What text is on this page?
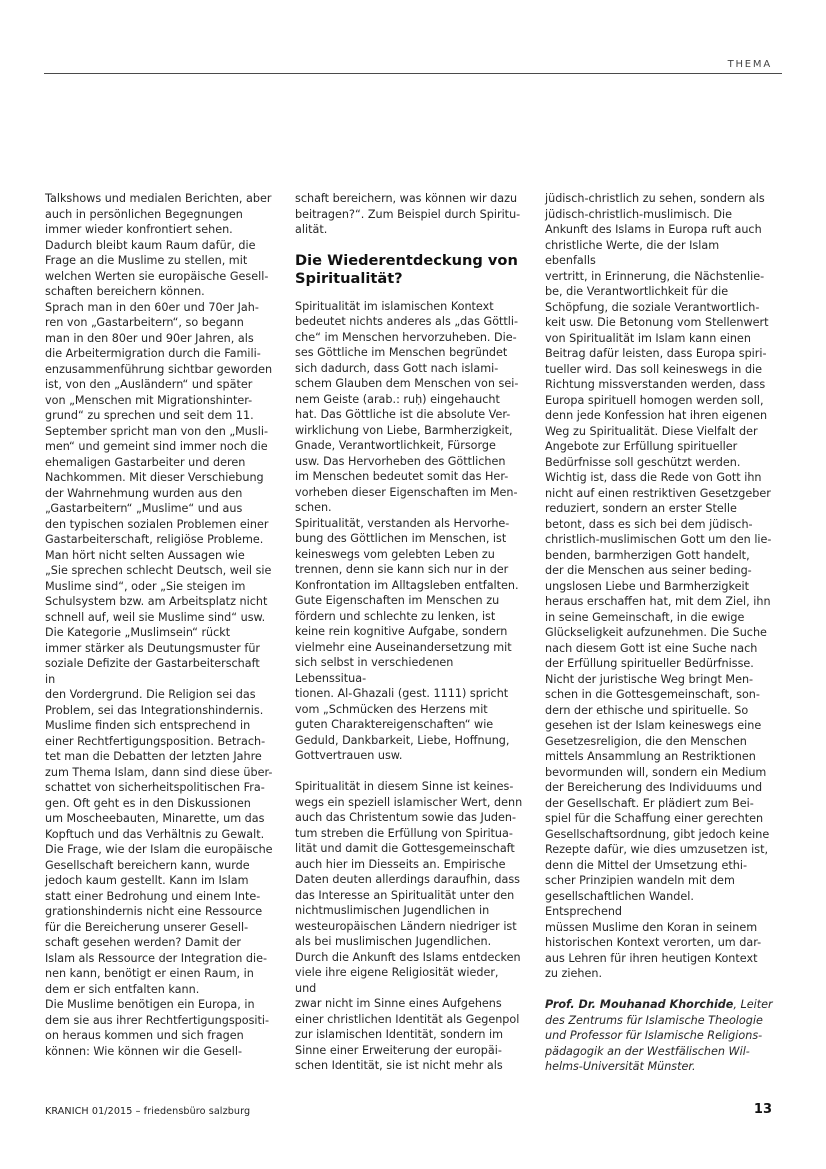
THEMA

Talkshows und medialen Berichten, aber
auch in persönlichen Begegnungen
immer wieder konfrontiert sehen.
Dadurch bleibt kaum Raum dafür, die
Frage an die Muslime zu stellen, mit
welchen Werten sie europäische Gesell-
schaften bereichern können.
Sprach man in den 60er und 70er Jah-
ren von „Gastarbeitern“, so begann
man in den 80er und 90er Jahren, als
die Arbeitermigration durch die Famili-
enzusammenführung sichtbar geworden
ist, von den „Ausländern“ und später
von „Menschen mit Migrationshinter-
grund“ zu sprechen und seit dem 11.
September spricht man von den „Musli-
men“ und gemeint sind immer noch die
ehemaligen Gastarbeiter und deren
Nachkommen. Mit dieser Verschiebung
der Wahrnehmung wurden aus den
„Gastarbeitern“ „Muslime“ und aus
den typischen sozialen Problemen einer
Gastarbeiterschaft, religiöse Probleme.
Man hört nicht selten Aussagen wie
„Sie sprechen schlecht Deutsch, weil sie
Muslime sind“, oder „Sie steigen im
Schulsystem bzw. am Arbeitsplatz nicht
schnell auf, weil sie Muslime sind“ usw.
Die Kategorie „Muslimsein“ rückt
immer stärker als Deutungsmuster für
soziale Defizite der Gastarbeiterschaft in
den Vordergrund. Die Religion sei das
Problem, sei das Integrationshindernis.
Muslime finden sich entsprechend in
einer Rechtfertigungsposition. Betrach-
tet man die Debatten der letzten Jahre
zum Thema Islam, dann sind diese über-
schattet von sicherheitspolitischen Fra-
gen. Oft geht es in den Diskussionen
um Moscheebauten, Minarette, um das
Kopftuch und das Verhältnis zu Gewalt.
Die Frage, wie der Islam die europäische
Gesellschaft bereichern kann, wurde
jedoch kaum gestellt. Kann im Islam
statt einer Bedrohung und einem Inte-
grationshindernis nicht eine Ressource
für die Bereicherung unserer Gesell-
schaft gesehen werden? Damit der
Islam als Ressource der Integration die-
nen kann, benötigt er einen Raum, in
dem er sich entfalten kann.
Die Muslime benötigen ein Europa, in
dem sie aus ihrer Rechtfertigungspositi-
on heraus kommen und sich fragen
können: Wie können wir die Gesell-

schaft bereichern, was können wir dazu
beitragen?“. Zum Beispiel durch Spiritu-
alität.

Die Wiederentdeckung von
Spiritualität?

Spiritualität im islamischen Kontext
bedeutet nichts anderes als „das Göttli-
che“ im Menschen hervorzuheben. Die-
ses Göttliche im Menschen begründet
sich dadurch, dass Gott nach islami-
schem Glauben dem Menschen von sei-
nem Geiste (arab.: ruḥ) eingehaucht
hat. Das Göttliche ist die absolute Ver-
wirklichung von Liebe, Barmherzigkeit,
Gnade, Verantwortlichkeit, Fürsorge
usw. Das Hervorheben des Göttlichen
im Menschen bedeutet somit das Her-
vorheben dieser Eigenschaften im Men-
schen.
Spiritualität, verstanden als Hervorhe-
bung des Göttlichen im Menschen, ist
keineswegs vom gelebten Leben zu
trennen, denn sie kann sich nur in der
Konfrontation im Alltagsleben entfalten.
Gute Eigenschaften im Menschen zu
fördern und schlechte zu lenken, ist
keine rein kognitive Aufgabe, sondern
vielmehr eine Auseinandersetzung mit
sich selbst in verschiedenen Lebenssitua-
tionen. Al-Ghazali (gest. 1111) spricht
vom „Schmücken des Herzens mit
guten Charaktereigenschaften“ wie
Geduld, Dankbarkeit, Liebe, Hoffnung,
Gottvertrauen usw.

Spiritualität in diesem Sinne ist keines-
wegs ein speziell islamischer Wert, denn
auch das Christentum sowie das Juden-
tum streben die Erfüllung von Spiritua-
lität und damit die Gottesgemeinschaft
auch hier im Diesseits an. Empirische
Daten deuten allerdings daraufhin, dass
das Interesse an Spiritualität unter den
nichtmuslimischen Jugendlichen in
westeuropäischen Ländern niedriger ist
als bei muslimischen Jugendlichen.
Durch die Ankunft des Islams entdecken
viele ihre eigene Religiosität wieder, und
zwar nicht im Sinne eines Aufgehens
einer christlichen Identität als Gegenpol
zur islamischen Identität, sondern im
Sinne einer Erweiterung der europäi-
schen Identität, sie ist nicht mehr als

jüdisch-christlich zu sehen, sondern als
jüdisch-christlich-muslimisch. Die
Ankunft des Islams in Europa ruft auch
christliche Werte, die der Islam ebenfalls
vertritt, in Erinnerung, die Nächstenlie-
be, die Verantwortlichkeit für die
Schöpfung, die soziale Verantwortlich-
keit usw. Die Betonung vom Stellenwert
von Spiritualität im Islam kann einen
Beitrag dafür leisten, dass Europa spiri-
tueller wird. Das soll keineswegs in die
Richtung missverstanden werden, dass
Europa spirituell homogen werden soll,
denn jede Konfession hat ihren eigenen
Weg zu Spiritualität. Diese Vielfalt der
Angebote zur Erfüllung spiritueller
Bedürfnisse soll geschützt werden.
Wichtig ist, dass die Rede von Gott ihn
nicht auf einen restriktiven Gesetzgeber
reduziert, sondern an erster Stelle
betont, dass es sich bei dem jüdisch-
christlich-muslimischen Gott um den lie-
benden, barmherzigen Gott handelt,
der die Menschen aus seiner beding-
ungslosen Liebe und Barmherzigkeit
heraus erschaffen hat, mit dem Ziel, ihn
in seine Gemeinschaft, in die ewige
Glückseligkeit aufzunehmen. Die Suche
nach diesem Gott ist eine Suche nach
der Erfüllung spiritueller Bedürfnisse.
Nicht der juristische Weg bringt Men-
schen in die Gottesgemeinschaft, son-
dern der ethische und spirituelle. So
gesehen ist der Islam keineswegs eine
Gesetzesreligion, die den Menschen
mittels Ansammlung an Restriktionen
bevormunden will, sondern ein Medium
der Bereicherung des Individuums und
der Gesellschaft. Er plädiert zum Bei-
spiel für die Schaffung einer gerechten
Gesellschaftsordnung, gibt jedoch keine
Rezepte dafür, wie dies umzusetzen ist,
denn die Mittel der Umsetzung ethi-
scher Prinzipien wandeln mit dem
gesellschaftlichen Wandel. Entsprechend
müssen Muslime den Koran in seinem
historischen Kontext verorten, um dar-
aus Lehren für ihren heutigen Kontext
zu ziehen.

Prof. Dr. Mouhanad Khorchide, Leiter
des Zentrums für Islamische Theologie
und Professor für Islamische Religions-
pädagogik an der Westfälischen Wil-
helms-Universität Münster.

KRANICH 01/2015 – friedensbüro salzburg	13
